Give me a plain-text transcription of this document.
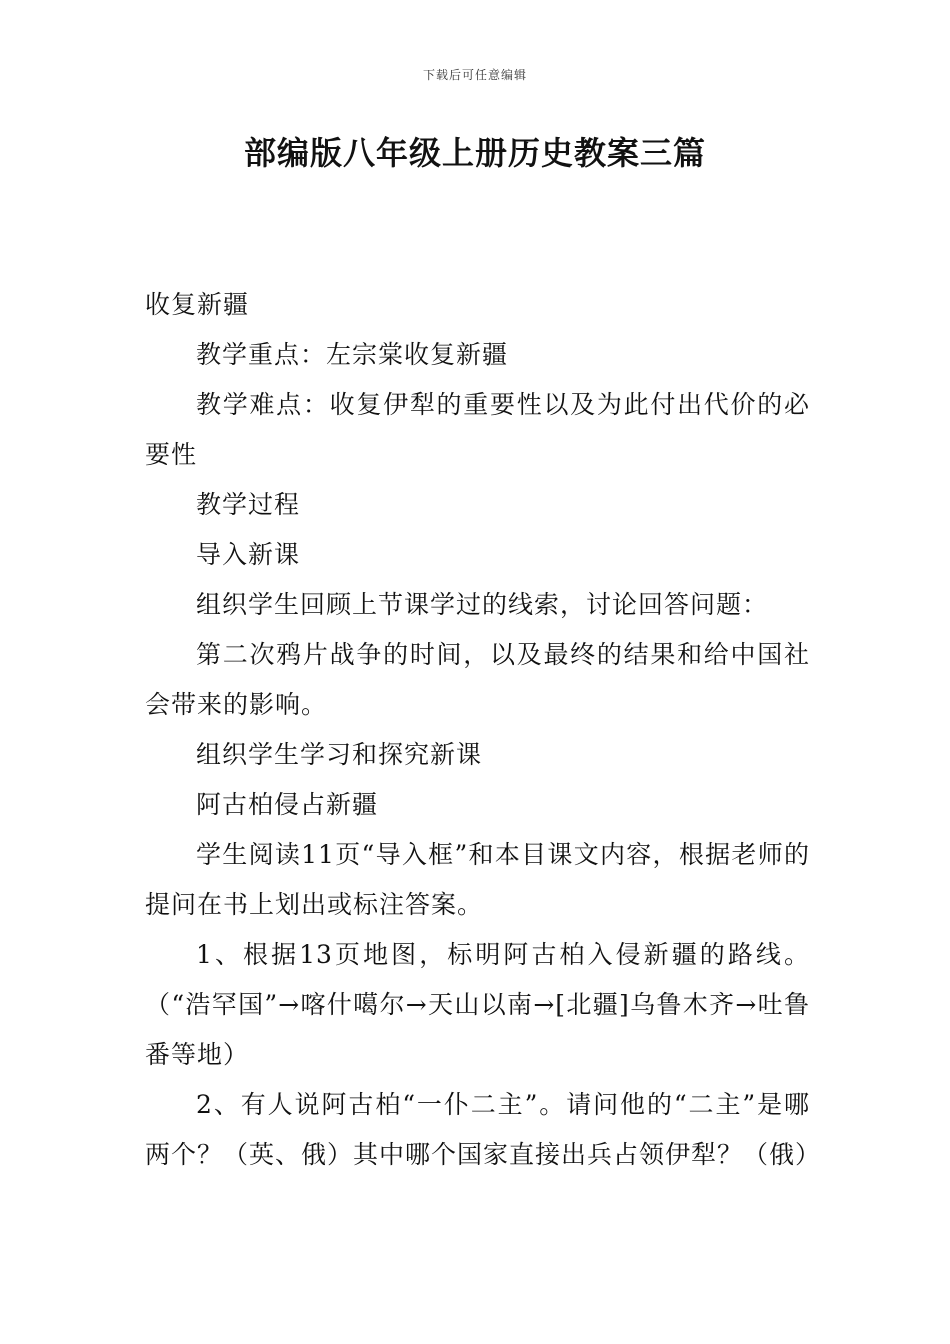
下载后可任意编辑
部编版八年级上册历史教案三篇

收复新疆

教学重点：左宗棠收复新疆

教学难点：收复伊犁的重要性以及为此付出代价的必要性

教学过程

导入新课

组织学生回顾上节课学过的线索，讨论回答问题：

第二次鸦片战争的时间，以及最终的结果和给中国社会带来的影响。

组织学生学习和探究新课

阿古柏侵占新疆

学生阅读11页“导入框”和本目课文内容，根据老师的提问在书上划出或标注答案。

1、根据13页地图，标明阿古柏入侵新疆的路线。（“浩罕国”→喀什噶尔→天山以南→[北疆]乌鲁木齐→吐鲁番等地）

2、有人说阿古柏“一仆二主”。请问他的“二主”是哪两个？（英、俄）其中哪个国家直接出兵占领伊犁？（俄）
